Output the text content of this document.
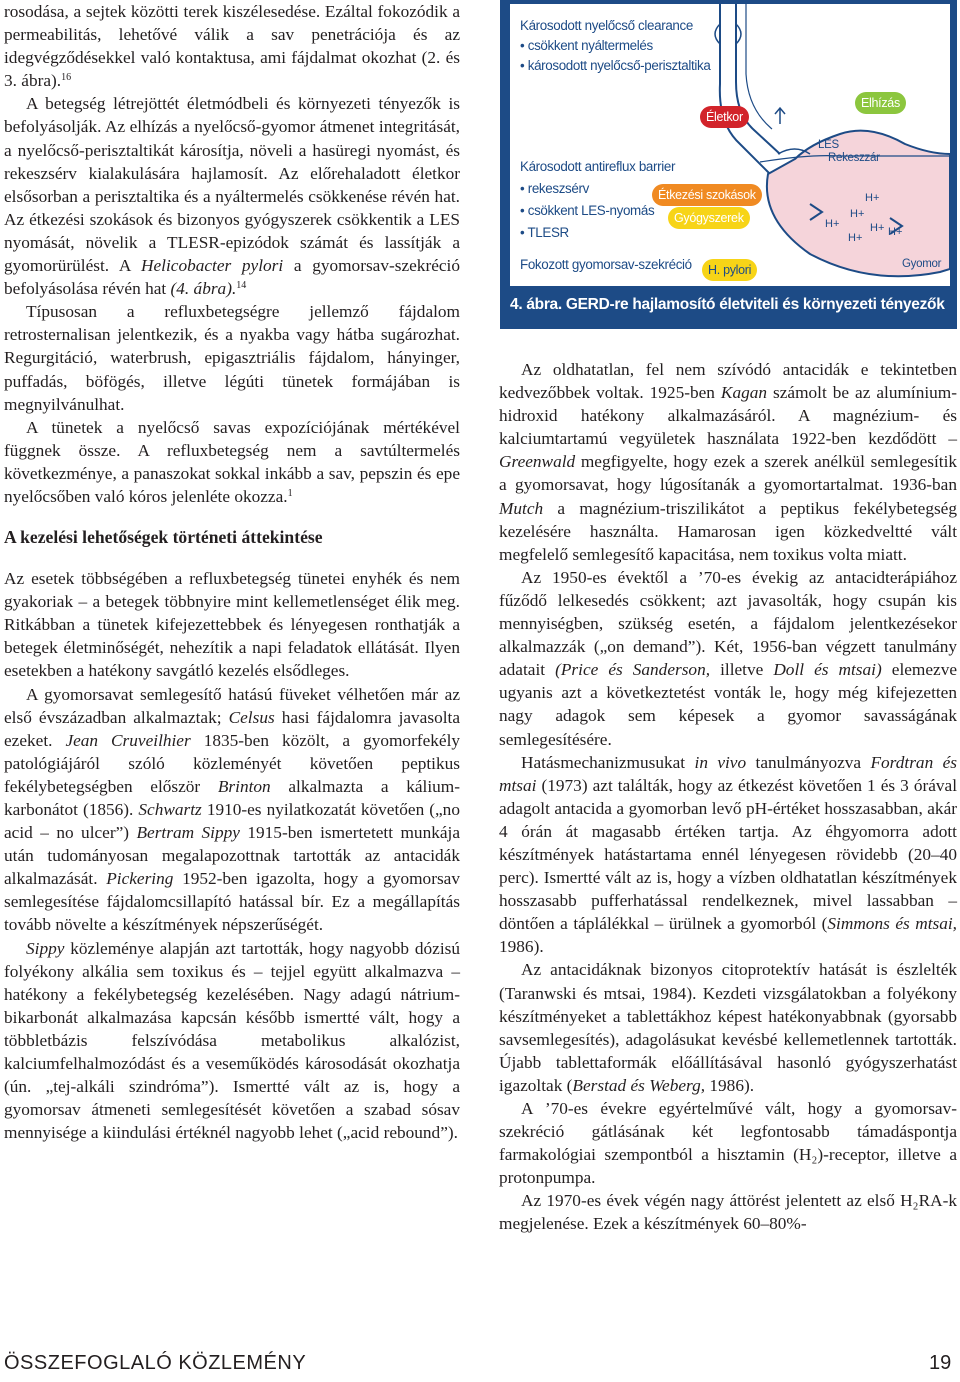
Károsodott nyelőcső clearance
• csökkent nyáltermelés
• károsodott nyelőcső-perisztaltika
Károsodott antireflux barrier
• rekeszsérv
• csökkent LES-nyomás
• TLESR
Fokozott gyomorsav-szekréció
Életkor
Elhízás
Étkezési szokások
Gyógyszerek
H. pylori
LES
Rekeszzár
Gyomor
H+
H+
H+	H+ H+
H+
4. ábra. GERD-re hajlamosító életviteli és környezeti tényezők

rosodása, a sejtek közötti terek kiszélesedése. Ezáltal fokozódik a permeabilitás, lehetővé válik a sav penetrációja és az idegvégződésekkel való kontaktusa, ami fájdalmat okozhat (2. és 3. ábra).$^{16}$

A betegség létrejöttét életmódbeli és környezeti tényezők is befolyásolják. Az elhízás a nyelőcső-gyomor átmenet integritását, a nyelőcső-perisztaltikát károsítja, növeli a hasüregi nyomást, és rekeszsérv kialakulására hajlamosít. Az előrehaladott életkor elsősorban a perisztaltika és a nyáltermelés csökkenése révén hat. Az étkezési szokások és bizonyos gyógyszerek csökkentik a LES nyomását, növelik a TLESR-epizódok számát és lassítják a gyomorürülést. A Helicobacter pylori a gyomorsav-szekréció befolyásolása révén hat (4. ábra).$^{14}$

Típusosan a refluxbetegségre jellemző fájdalom retrosternalisan jelentkezik, és a nyakba vagy hátba sugározhat. Regurgitáció, waterbrush, epigasztriális fájdalom, hányinger, puffadás, böfögés, illetve légúti tünetek formájában is megnyilvánulhat.

A tünetek a nyelőcső savas expozíciójának mértékével függnek össze. A refluxbetegség nem a savtúltermelés következménye, a panaszokat sokkal inkább a sav, pepszin és epe nyelőcsőben való kóros jelenléte okozza.$^1$

A kezelési lehetőségek történeti áttekintése

Az esetek többségében a refluxbetegség tünetei enyhék és nem gyakoriak – a betegek többnyire mint kellemetlenséget élik meg. Ritkábban a tünetek kifejezettebbek és lényegesen ronthatják a betegek életminőségét, nehezítik a napi feladatok ellátását. Ilyen esetekben a hatékony savgátló kezelés elsődleges.

A gyomorsavat semlegesítő hatású füveket vélhetően már az első évszázadban alkalmaztak; Celsus hasi fájdalomra javasolta ezeket. Jean Cruveilhier 1835-ben közölt, a gyomorfekély patológiájáról szóló közleményét követően peptikus fekélybetegségben először Brinton alkalmazta a kálium-karbonátot (1856). Schwartz 1910-es nyilatkozatát követően („no acid – no ulcer”) Bertram Sippy 1915-ben ismertetett munkája után tudományosan megalapozottnak tartották az antacidák alkalmazását. Pickering 1952-ben igazolta, hogy a gyomorsav semlegesítése fájdalomcsillapító hatással bír. Ez a megállapítás tovább növelte a készítmények népszerűségét.

Sippy közleménye alapján azt tartották, hogy nagyobb dózisú folyékony alkália sem toxikus és – tejjel együtt alkalmazva – hatékony a fekélybetegség kezelésében. Nagy adagú nátrium-bikarbonát alkalmazása kapcsán később ismertté vált, hogy a többletbázis felszívódása metabolikus alkalózist, kalciumfelhalmozódást és a veseműködés károsodását okozhatja (ún. „tej-alkáli szindróma”). Ismertté vált az is, hogy a gyomorsav átmeneti semlegesítését követően a szabad sósav mennyisége a kiindulási értéknél nagyobb lehet („acid rebound”).

Az oldhatatlan, fel nem szívódó antacidák e tekintetben kedvezőbbek voltak. 1925-ben Kagan számolt be az alumínium-hidroxid hatékony alkalmazásáról. A magnézium- és kalciumtartamú vegyületek használata 1922-ben kezdődött – Greenwald megfigyelte, hogy ezek a szerek anélkül semlegesítik a gyomorsavat, hogy lúgosítanák a gyomortartalmat. 1936-ban Mutch a magnézium-triszilikátot a peptikus fekélybetegség kezelésére használta. Hamarosan igen közkedveltté vált megfelelő semlegesítő kapacitása, nem toxikus volta miatt.

Az 1950-es évektől a ’70-es évekig az antacidterápiához fűződő lelkesedés csökkent; azt javasolták, hogy csupán kis mennyiségben, szükség esetén, a fájdalom jelentkezésekor alkalmazzák („on demand”). Két, 1956-ban végzett tanulmány adatait (Price és Sanderson, illetve Doll és mtsai) elemezve ugyanis azt a következtetést vonták le, hogy még kifejezetten nagy adagok sem képesek a gyomor savasságának semlegesítésére.

Hatásmechanizmusukat in vivo tanulmányozva Fordtran és mtsai (1973) azt találták, hogy az étkezést követően 1 és 3 órával adagolt antacida a gyomorban levő pH-értéket hosszasabban, akár 4 órán át magasabb értéken tartja. Az éhgyomorra adott készítmények hatástartama ennél lényegesen rövidebb (20–40 perc). Ismertté vált az is, hogy a vízben oldhatatlan készítmények hosszasabb pufferhatással rendelkeznek, mivel lassabban – döntően a táplálékkal – ürülnek a gyomorból (Simmons és mtsai, 1986).

Az antacidáknak bizonyos citoprotektív hatását is észlelték (Taranwski és mtsai, 1984). Kezdeti vizsgálatokban a folyékony készítményeket a tablettákhoz képest hatékonyabbnak (gyorsabb savsemlegesítés), adagolásukat kevésbé kellemetlennek tartották. Újabb tablettaformák előállításával hasonló gyógyszerhatást igazoltak (Berstad és Weberg, 1986).

A ’70-es évekre egyértelművé vált, hogy a gyomorsav-szekréció gátlásának két legfontosabb támadáspontja farmakológiai szempontból a hisztamin (H₂)-receptor, illetve a protonpumpa.

Az 1970-es évek végén nagy áttörést jelentett az első H₂RA-k megjelenése. Ezek a készítmények 60–80%-

ÖSSZEFOGLALÓ KÖZLEMÉNY	19
